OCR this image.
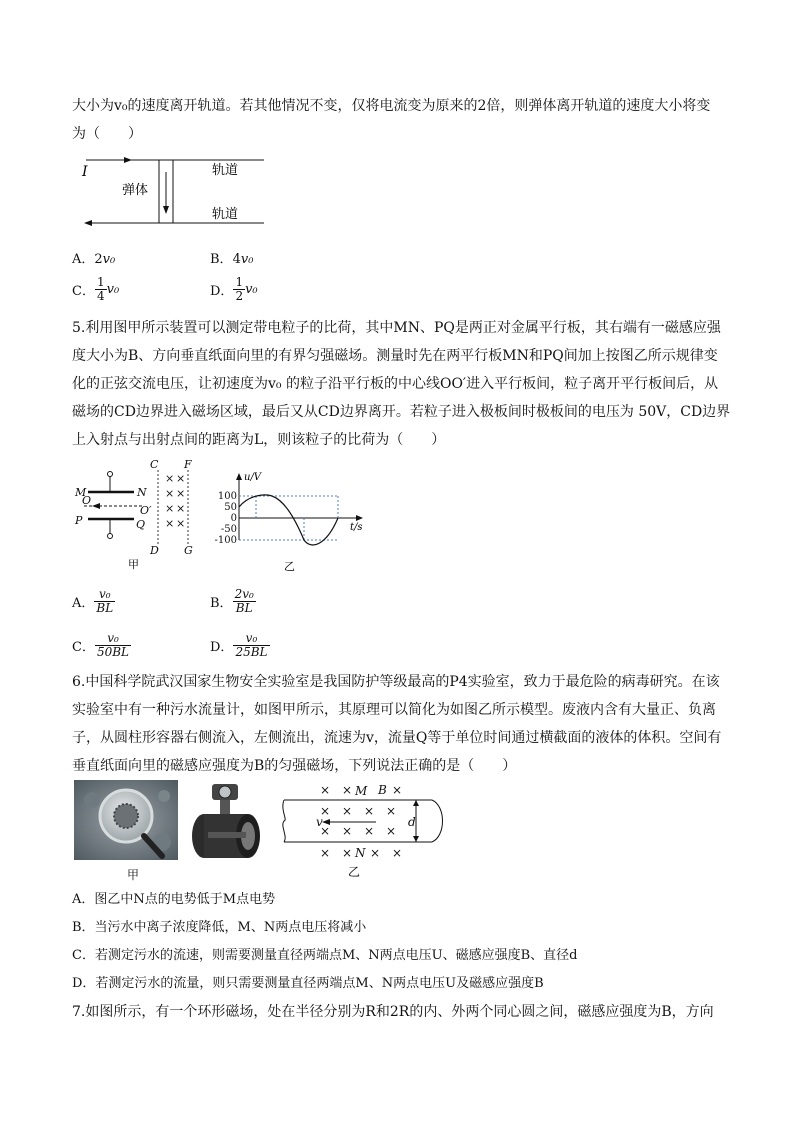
大小为v₀的速度离开轨道。若其他情况不变，仅将电流变为原来的2倍，则弹体离开轨道的速度大小将变
为（　　）
I
弹体
轨道
轨道
A．2v₀	B．4v₀
C． $\frac{1}{4} v_0$	D． $\frac{1}{2} v_0$
5.利用图甲所示装置可以测定带电粒子的比荷，其中MN、PQ是两正对金属平行板，其右端有一磁感应强
度大小为B、方向垂直纸面向里的有界匀强磁场。测量时先在两平行板MN和PQ间加上按图乙所示规律变
化的正弦交流电压，让初速度为v₀ 的粒子沿平行板的中心线OO′进入平行板间，粒子离开平行板间后，从
磁场的CD边界进入磁场区域，最后又从CD边界离开。若粒子进入极板间时极板间的电压为 50V，CD边界
上入射点与出射点间的距离为L，则该粒子的比荷为（　　）
× ×
× ×
× ×
× ×
M	N
O
O′
P	Q
C
D
F
G
甲
100
50
0
-50
-100
u/V
t/s
乙
A． $\frac{\text{v₀}}{BL}$	B． $\frac{\text{2v₀}}{BL}$
C． $\frac{\text{v₀}}{50BL}$	D． $\frac{\text{v₀}}{25BL}$
6.中国科学院武汉国家生物安全实验室是我国防护等级最高的P4实验室，致力于最危险的病毒研究。在该
实验室中有一种污水流量计，如图甲所示，其原理可以简化为如图乙所示模型。废液内含有大量正、负离
子，从圆柱形容器右侧流入，左侧流出，流速为v，流量Q等于单位时间通过横截面的液体的体积。空间有
垂直纸面向里的磁感应强度为B的匀强磁场，下列说法正确的是（　　）
甲
× ×	×
× × × ×
× × × ×
× × × ×
M B
N
v	d
乙
A．图乙中N点的电势低于M点电势
B．当污水中离子浓度降低，M、N两点电压将减小
C．若测定污水的流速，则需要测量直径两端点M、N两点电压U、磁感应强度B、直径d
D．若测定污水的流量，则只需要测量直径两端点M、N两点电压U及磁感应强度B
7.如图所示，有一个环形磁场，处在半径分别为R和2R的内、外两个同心圆之间，磁感应强度为B，方向
